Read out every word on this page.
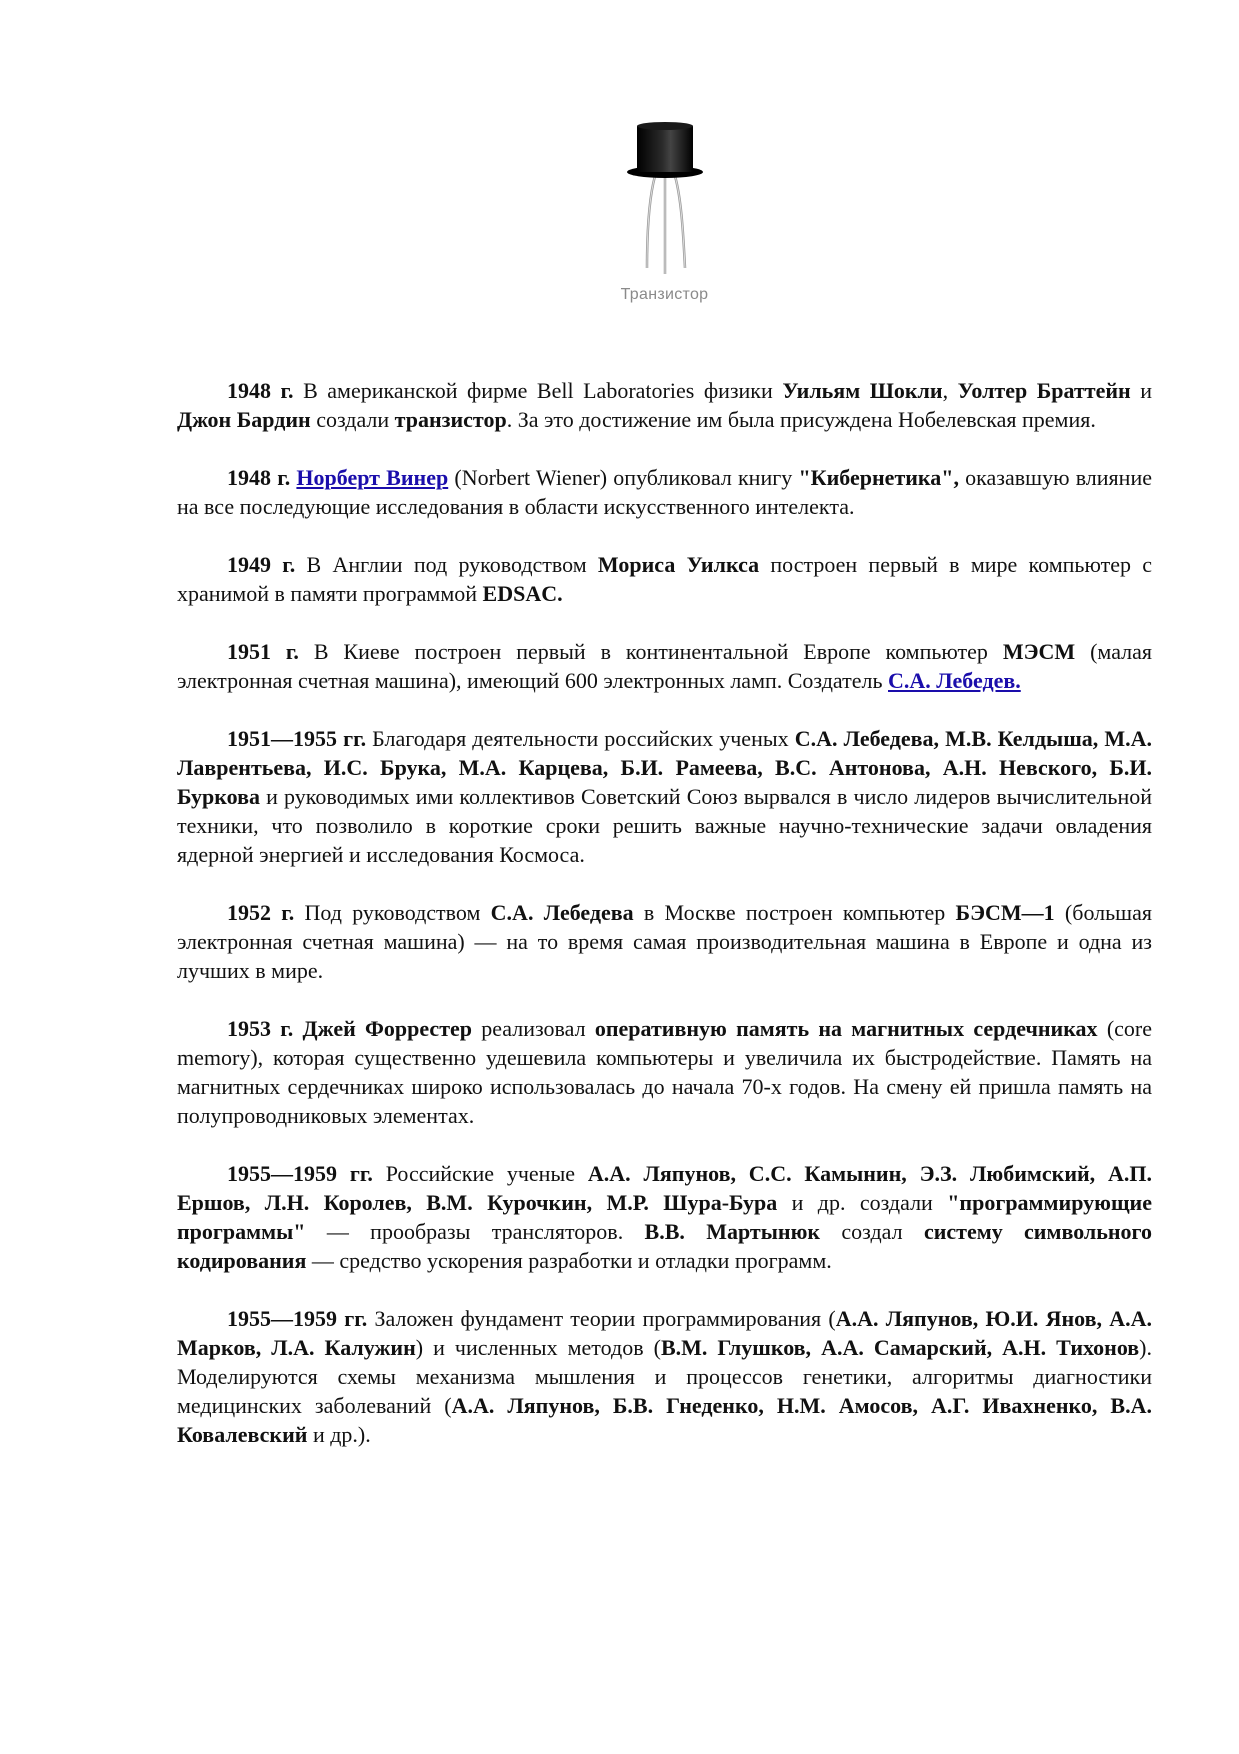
Транзистор

1948 г. В американской фирме Bell Laboratories физики Уильям Шокли, Уолтер Браттейн и Джон Бардин создали транзистор. За это достижение им была присуждена Нобелевская премия.

1948 г. Норберт Винер (Norbert Wiener) опубликовал книгу "Кибернетика", оказавшую влияние на все последующие исследования в области искусственного интелекта.

1949 г. В Англии под руководством Мориса Уилкса построен первый в мире компьютер с хранимой в памяти программой EDSAC.

1951 г. В Киеве построен первый в континентальной Европе компьютер МЭСМ (малая электронная счетная машина), имеющий 600 электронных ламп. Создатель С.А. Лебедев.

1951—1955 гг. Благодаря деятельности российских ученых С.А. Лебедева, М.В. Келдыша, М.А. Лаврентьева, И.С. Брука, М.А. Карцева, Б.И. Рамеева, В.С. Антонова, А.Н. Невского, Б.И. Буркова и руководимых ими коллективов Советский Союз вырвался в число лидеров вычислительной техники, что позволило в короткие сроки решить важные научно-технические задачи овладения ядерной энергией и исследования Космоса.

1952 г. Под руководством С.А. Лебедева в Москве построен компьютер БЭСМ—1 (большая электронная счетная машина) — на то время самая производительная машина в Европе и одна из лучших в мире.

1953 г. Джей Форрестер реализовал оперативную память на магнитных сердечниках (core memory), которая существенно удешевила компьютеры и увеличила их быстродействие. Память на магнитных сердечниках широко использовалась до начала 70-х годов. На смену ей пришла память на полупроводниковых элементах.

1955—1959 гг. Российские ученые А.А. Ляпунов, С.С. Камынин, Э.З. Любимский, А.П. Ершов, Л.Н. Королев, В.М. Курочкин, М.Р. Шура-Бура и др. создали "программирующие программы" — прообразы трансляторов. В.В. Мартынюк создал систему символьного кодирования — средство ускорения разработки и отладки программ.

1955—1959 гг. Заложен фундамент теории программирования (А.А. Ляпунов, Ю.И. Янов, А.А. Марков, Л.А. Калужин) и численных методов (В.М. Глушков, А.А. Самарский, А.Н. Тихонов). Моделируются схемы механизма мышления и процессов генетики, алгоритмы диагностики медицинских заболеваний (А.А. Ляпунов, Б.В. Гнеденко, Н.М. Амосов, А.Г. Ивахненко, В.А. Ковалевский и др.).
